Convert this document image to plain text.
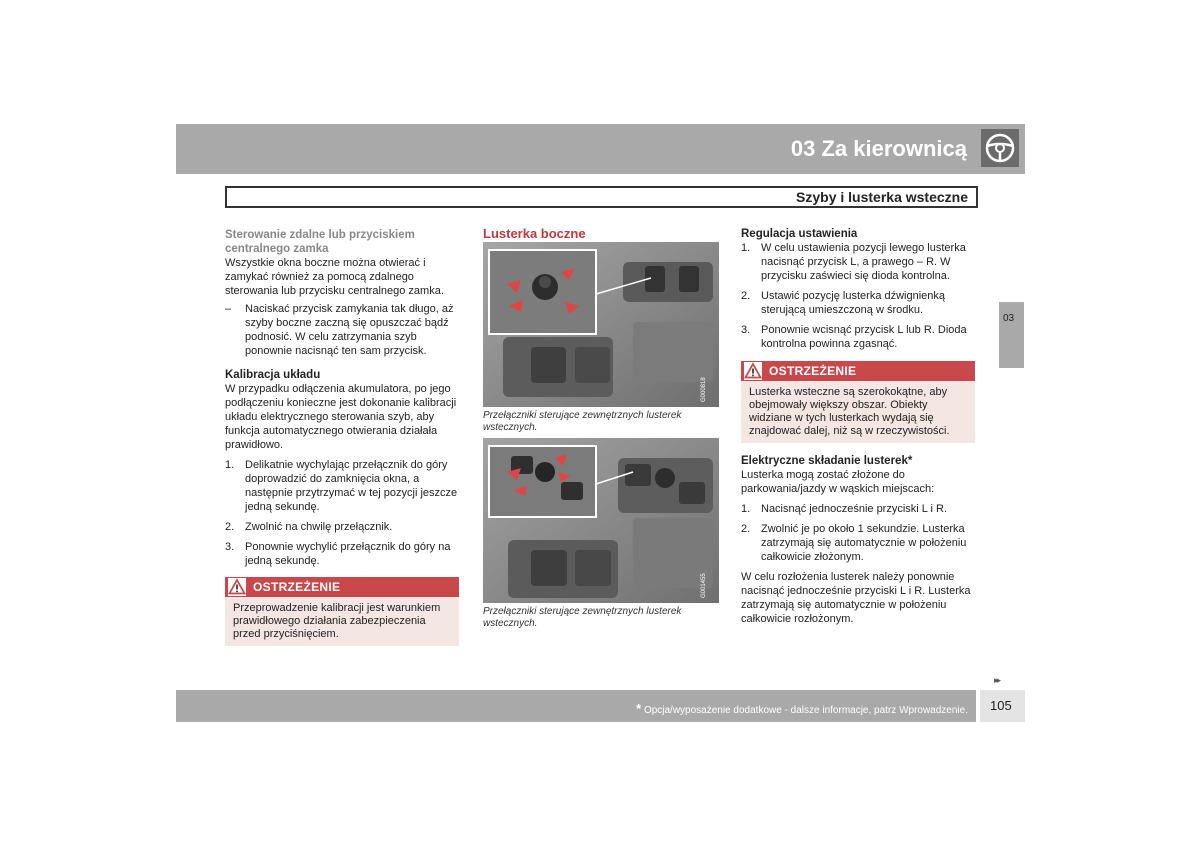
03 Za kierownicą
Szyby i lusterka wsteczne
03

Sterowanie zdalne lub przyciskiem centralnego zamka

Wszystkie okna boczne można otwierać i zamykać również za pomocą zdalnego sterowania lub przycisku centralnego zamka.

– Naciskać przycisk zamykania tak długo, aż szyby boczne zaczną się opuszczać bądź podnosić. W celu zatrzymania szyb ponownie nacisnąć ten sam przycisk.

Kalibracja układu

W przypadku odłączenia akumulatora, po jego podłączeniu konieczne jest dokonanie kalibracji układu elektrycznego sterowania szyb, aby funkcja automatycznego otwierania działała prawidłowo.

1. Delikatnie wychylając przełącznik do góry doprowadzić do zamknięcia okna, a następnie przytrzymać w tej pozycji jeszcze jedną sekundę.
2. Zwolnić na chwilę przełącznik.
3. Ponownie wychylić przełącznik do góry na jedną sekundę.
OSTRZEŻENIE
Przeprowadzenie kalibracji jest warunkiem prawidłowego działania zabezpieczenia przed przyciśnięciem.
Lusterka boczne
G000818
Przełączniki sterujące zewnętrznych lusterek wstecznych.
G001455
Przełączniki sterujące zewnętrznych lusterek wstecznych.

Regulacja ustawienia

1. W celu ustawienia pozycji lewego lusterka nacisnąć przycisk L, a prawego – R. W przycisku zaświeci się dioda kontrolna.
2. Ustawić pozycję lusterka dźwignienką sterującą umieszczoną w środku.
3. Ponownie wcisnąć przycisk L lub R. Dioda kontrolna powinna zgasnąć.
OSTRZEŻENIE
Lusterka wsteczne są szerokokątne, aby obejmowały większy obszar. Obiekty widziane w tych lusterkach wydają się znajdować dalej, niż są w rzeczywistości.

Elektryczne składanie lusterek*

Lusterka mogą zostać złożone do parkowania/jazdy w wąskich miejscach:

1. Nacisnąć jednocześnie przyciski L i R.
2. Zwolnić je po około 1 sekundzie. Lusterka zatrzymają się automatycznie w położeniu całkowicie złożonym.

W celu rozłożenia lusterek należy ponownie nacisnąć jednocześnie przyciski L i R. Lusterka zatrzymają się automatycznie w położeniu całkowicie rozłożonym.

▸▸
* Opcja/wyposażenie dodatkowe - dalsze informacje, patrz Wprowadzenie. 105
